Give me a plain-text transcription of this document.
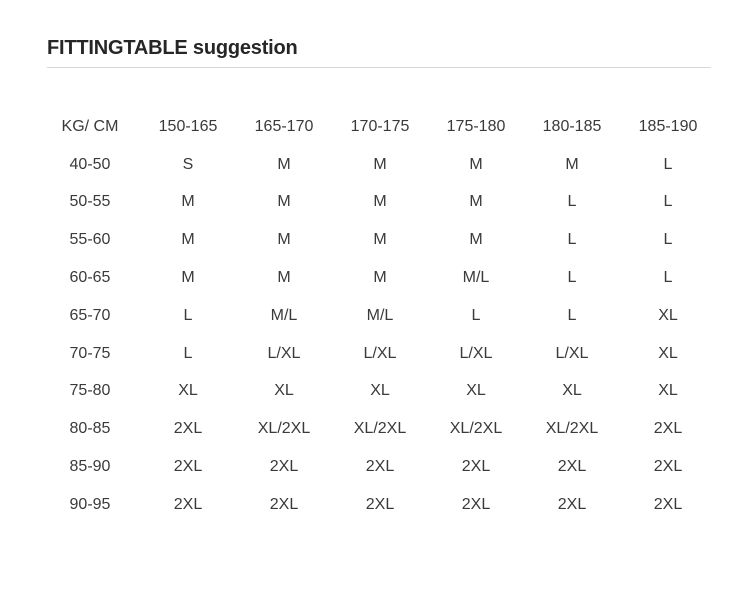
FITTINGTABLE suggestion
KG/ CM	150-165	165-170	170-175	175-180	180-185	185-190
40-50	S	M	M	M	M	L
50-55	M	M	M	M	L	L
55-60	M	M	M	M	L	L
60-65	M	M	M	M/L	L	L
65-70	L	M/L	M/L	L	L	XL
70-75	L	L/XL	L/XL	L/XL	L/XL	XL
75-80	XL	XL	XL	XL	XL	XL
80-85	2XL	XL/2XL	XL/2XL	XL/2XL	XL/2XL	2XL
85-90	2XL	2XL	2XL	2XL	2XL	2XL
90-95	2XL	2XL	2XL	2XL	2XL	2XL
